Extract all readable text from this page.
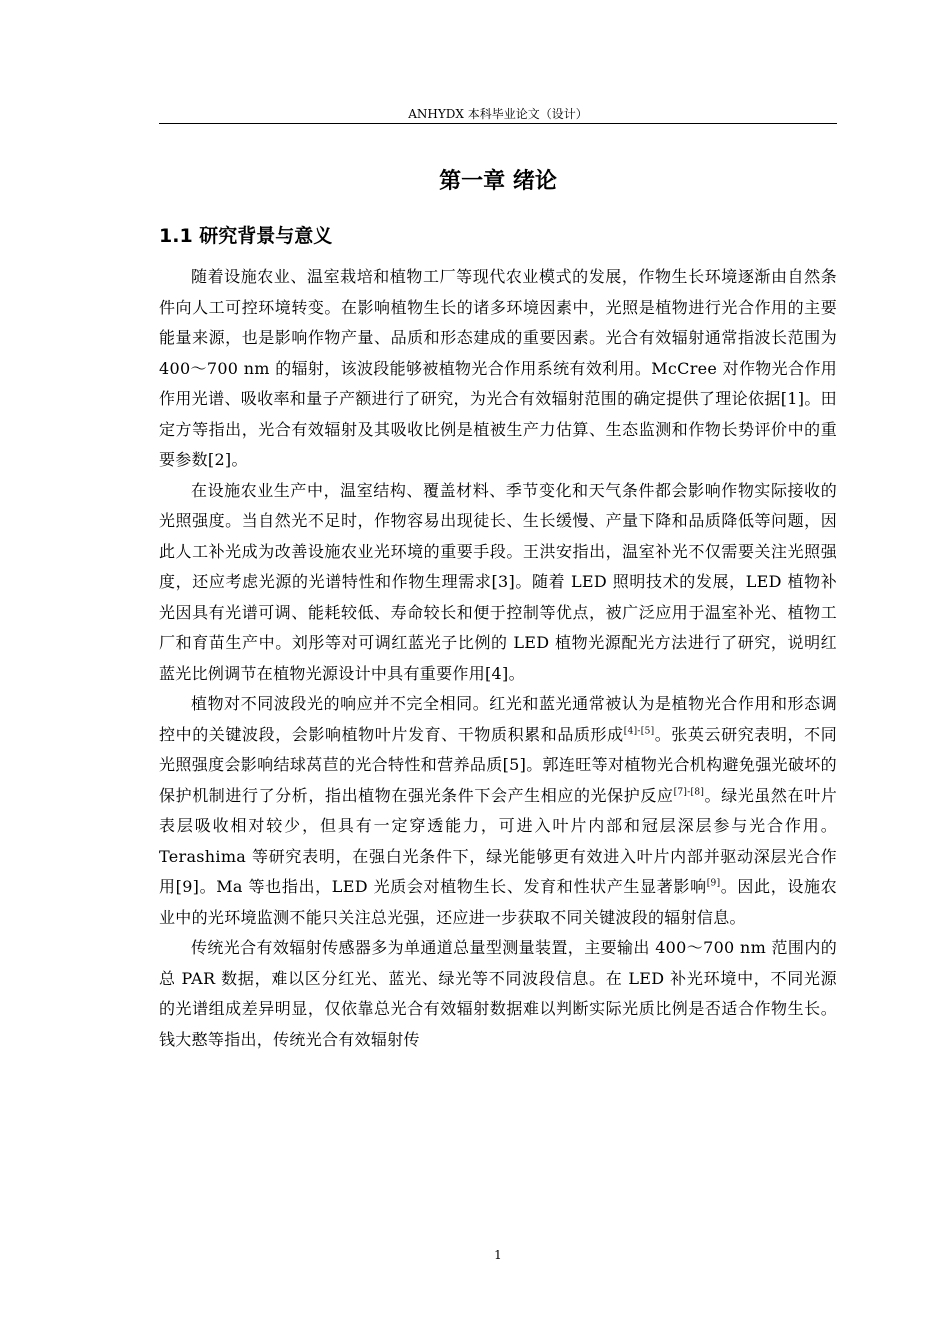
ANHYDX 本科毕业论文（设计）
第一章 绪论
1.1 研究背景与意义

随着设施农业、温室栽培和植物工厂等现代农业模式的发展，作物生长环境逐渐由自然条件向人工可控环境转变。在影响植物生长的诸多环境因素中，光照是植物进行光合作用的主要能量来源，也是影响作物产量、品质和形态建成的重要因素。光合有效辐射通常指波长范围为 400～700 nm 的辐射，该波段能够被植物光合作用系统有效利用。McCree 对作物光合作用作用光谱、吸收率和量子产额进行了研究，为光合有效辐射范围的确定提供了理论依据[1]。田定方等指出，光合有效辐射及其吸收比例是植被生产力估算、生态监测和作物长势评价中的重要参数[2]。

在设施农业生产中，温室结构、覆盖材料、季节变化和天气条件都会影响作物实际接收的光照强度。当自然光不足时，作物容易出现徒长、生长缓慢、产量下降和品质降低等问题，因此人工补光成为改善设施农业光环境的重要手段。王洪安指出，温室补光不仅需要关注光照强度，还应考虑光源的光谱特性和作物生理需求[3]。随着 LED 照明技术的发展，LED 植物补光因具有光谱可调、能耗较低、寿命较长和便于控制等优点，被广泛应用于温室补光、植物工厂和育苗生产中。刘彤等对可调红蓝光子比例的 LED 植物光源配光方法进行了研究，说明红蓝光比例调节在植物光源设计中具有重要作用[4]。

植物对不同波段光的响应并不完全相同。红光和蓝光通常被认为是植物光合作用和形态调控中的关键波段，会影响植物叶片发育、干物质积累和品质形成[4]-[5]。张英云研究表明，不同光照强度会影响结球莴苣的光合特性和营养品质[5]。郭连旺等对植物光合机构避免强光破坏的保护机制进行了分析，指出植物在强光条件下会产生相应的光保护反应[7]-[8]。绿光虽然在叶片表层吸收相对较少，但具有一定穿透能力，可进入叶片内部和冠层深层参与光合作用。Terashima 等研究表明，在强白光条件下，绿光能够更有效进入叶片内部并驱动深层光合作用[9]。Ma 等也指出，LED 光质会对植物生长、发育和性状产生显著影响[9]。因此，设施农业中的光环境监测不能只关注总光强，还应进一步获取不同关键波段的辐射信息。

传统光合有效辐射传感器多为单通道总量型测量装置，主要输出 400～700 nm 范围内的总 PAR 数据，难以区分红光、蓝光、绿光等不同波段信息。在 LED 补光环境中，不同光源的光谱组成差异明显，仅依靠总光合有效辐射数据难以判断实际光质比例是否适合作物生长。钱大憨等指出，传统光合有效辐射传

1
